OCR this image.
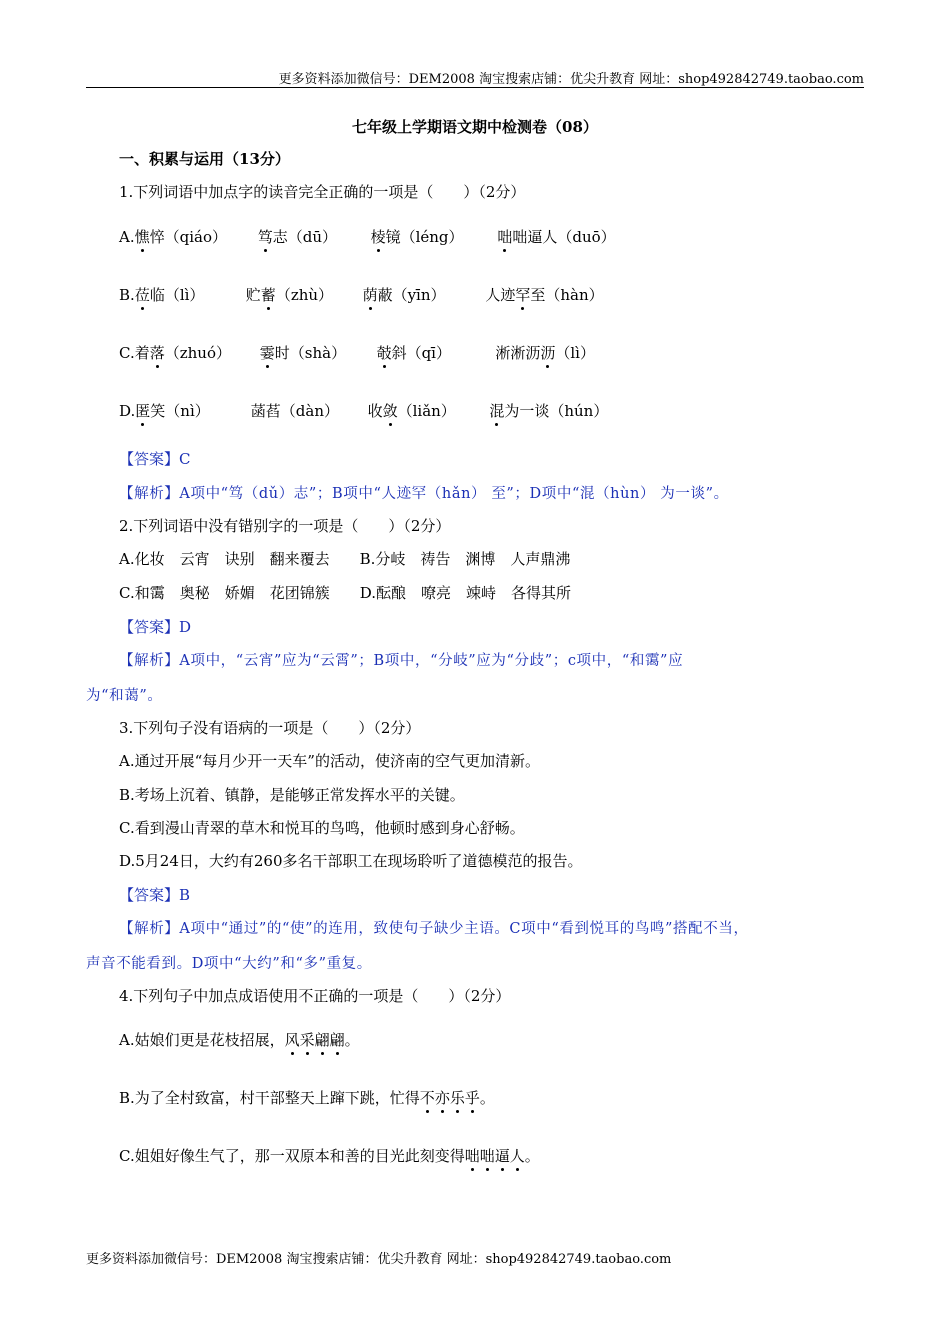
更多资料添加微信号：DEM2008 淘宝搜索店铺：优尖升教育 网址：shop492842749.taobao.com
七年级上学期语文期中检测卷（08）
一、积累与运用（13分）
1.下列词语中加点字的读音完全正确的一项是（　　）（2分）
A.憔悴（qiáo） 笃志（dū） 棱镜（léng） 咄咄逼人（duō）
B.莅临（lì）	贮蓄（zhù） 荫蔽（yīn）	人迹罕至（hàn）
C.着落（zhuó） 霎时（shà） 攲斜（qī）	淅淅沥沥（lì）
D.匿笑（nì）	菡萏（dàn） 收敛（liǎn） 混为一谈（hún）
【答案】C
【解析】A项中“笃（dǔ）志”；B项中“人迹罕（hǎn） 至”；D项中“混（hùn） 为一谈”。
2.下列词语中没有错别字的一项是（　　）（2分）
A.化妆　云宵　诀别　翻来覆去　　B.分岐　祷告　渊博　人声鼎沸
C.和霭　奥秘　娇媚　花团锦簇　　D.酝酿　嘹亮　竦峙　各得其所
【答案】D
【解析】A项中，“云宵”应为“云霄”；B项中，“分岐”应为“分歧”；c项中，“和霭”应
为“和蔼”。
3.下列句子没有语病的一项是（　　）（2分）
A.通过开展“每月少开一天车”的活动，使济南的空气更加清新。
B.考场上沉着、镇静，是能够正常发挥水平的关键。
C.看到漫山青翠的草木和悦耳的鸟鸣，他顿时感到身心舒畅。
D.5月24日，大约有260多名干部职工在现场聆听了道德模范的报告。
【答案】B
【解析】A项中“通过”的“使”的连用，致使句子缺少主语。C项中“看到悦耳的鸟鸣”搭配不当，
声音不能看到。D项中“大约”和“多”重复。
4.下列句子中加点成语使用不正确的一项是（　　）（2分）
A.姑娘们更是花枝招展，风采翩翩。
B.为了全村致富，村干部整天上蹿下跳，忙得不亦乐乎。
C.姐姐好像生气了，那一双原本和善的目光此刻变得咄咄逼人。
更多资料添加微信号：DEM2008 淘宝搜索店铺：优尖升教育 网址：shop492842749.taobao.com
